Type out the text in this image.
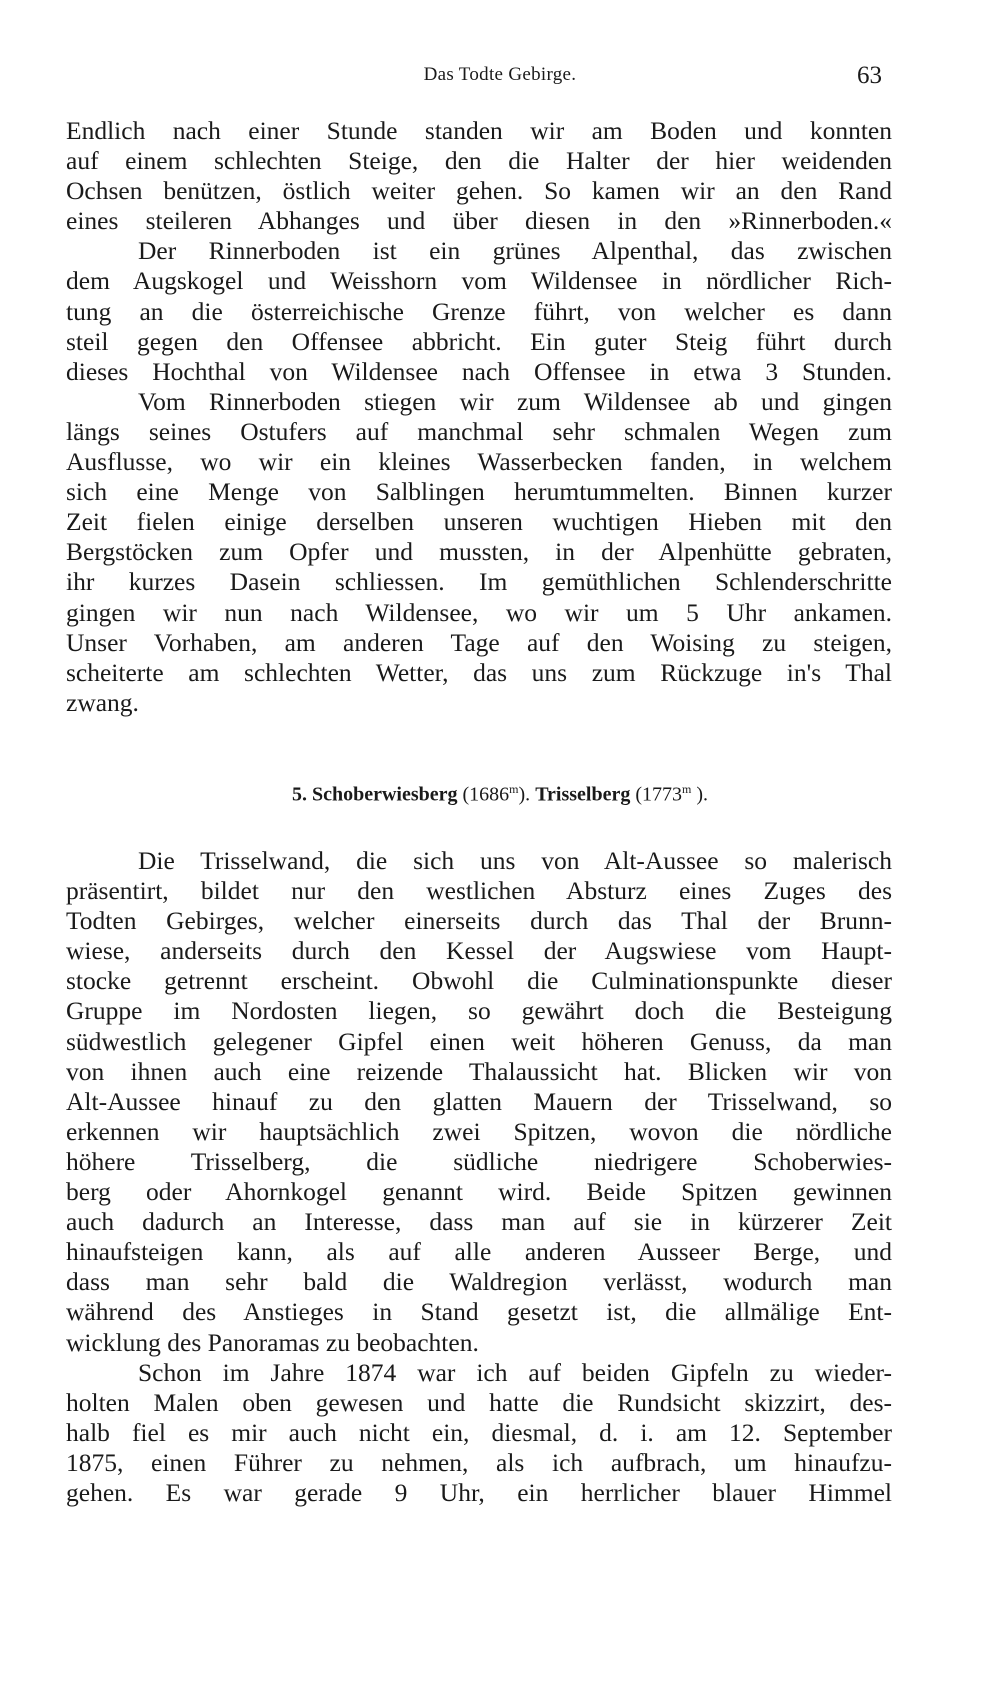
Das Todte Gebirge.	63
Endlich nach einer Stunde standen wir am Boden und konnten
auf einem schlechten Steige, den die Halter der hier weidenden
Ochsen benützen, östlich weiter gehen. So kamen wir an den Rand
eines steileren Abhanges und über diesen in den »Rinnerboden.«
Der Rinnerboden ist ein grünes Alpenthal, das zwischen
dem Augskogel und Weisshorn vom Wildensee in nördlicher Rich-
tung an die österreichische Grenze führt, von welcher es dann
steil gegen den Offensee abbricht. Ein guter Steig führt durch
dieses Hochthal von Wildensee nach Offensee in etwa 3 Stunden.
Vom Rinnerboden stiegen wir zum Wildensee ab und gingen
längs seines Ostufers auf manchmal sehr schmalen Wegen zum
Ausflusse, wo wir ein kleines Wasserbecken fanden, in welchem
sich eine Menge von Salblingen herumtummelten. Binnen kurzer
Zeit fielen einige derselben unseren wuchtigen Hieben mit den
Bergstöcken zum Opfer und mussten, in der Alpenhütte gebraten,
ihr kurzes Dasein schliessen. Im gemüthlichen Schlenderschritte
gingen wir nun nach Wildensee, wo wir um 5 Uhr ankamen.
Unser Vorhaben, am anderen Tage auf den Woising zu steigen,
scheiterte am schlechten Wetter, das uns zum Rückzuge in's Thal
zwang.
5. Schoberwiesberg (1686$^m$). Trisselberg (1773$^m$ ).
Die Trisselwand, die sich uns von Alt-Aussee so malerisch
präsentirt, bildet nur den westlichen Absturz eines Zuges des
Todten Gebirges, welcher einerseits durch das Thal der Brunn-
wiese, anderseits durch den Kessel der Augswiese vom Haupt-
stocke getrennt erscheint. Obwohl die Culminationspunkte dieser
Gruppe im Nordosten liegen, so gewährt doch die Besteigung
südwestlich gelegener Gipfel einen weit höheren Genuss, da man
von ihnen auch eine reizende Thalaussicht hat. Blicken wir von
Alt-Aussee hinauf zu den glatten Mauern der Trisselwand, so
erkennen wir hauptsächlich zwei Spitzen, wovon die nördliche
höhere Trisselberg, die südliche niedrigere Schoberwies-
berg oder Ahornkogel genannt wird. Beide Spitzen gewinnen
auch dadurch an Interesse, dass man auf sie in kürzerer Zeit
hinaufsteigen kann, als auf alle anderen Ausseer Berge, und
dass man sehr bald die Waldregion verlässt, wodurch man
während des Anstieges in Stand gesetzt ist, die allmälige Ent-
wicklung des Panoramas zu beobachten.
Schon im Jahre 1874 war ich auf beiden Gipfeln zu wieder-
holten Malen oben gewesen und hatte die Rundsicht skizzirt, des-
halb fiel es mir auch nicht ein, diesmal, d. i. am 12. September
1875, einen Führer zu nehmen, als ich aufbrach, um hinaufzu-
gehen. Es war gerade 9 Uhr, ein herrlicher blauer Himmel
